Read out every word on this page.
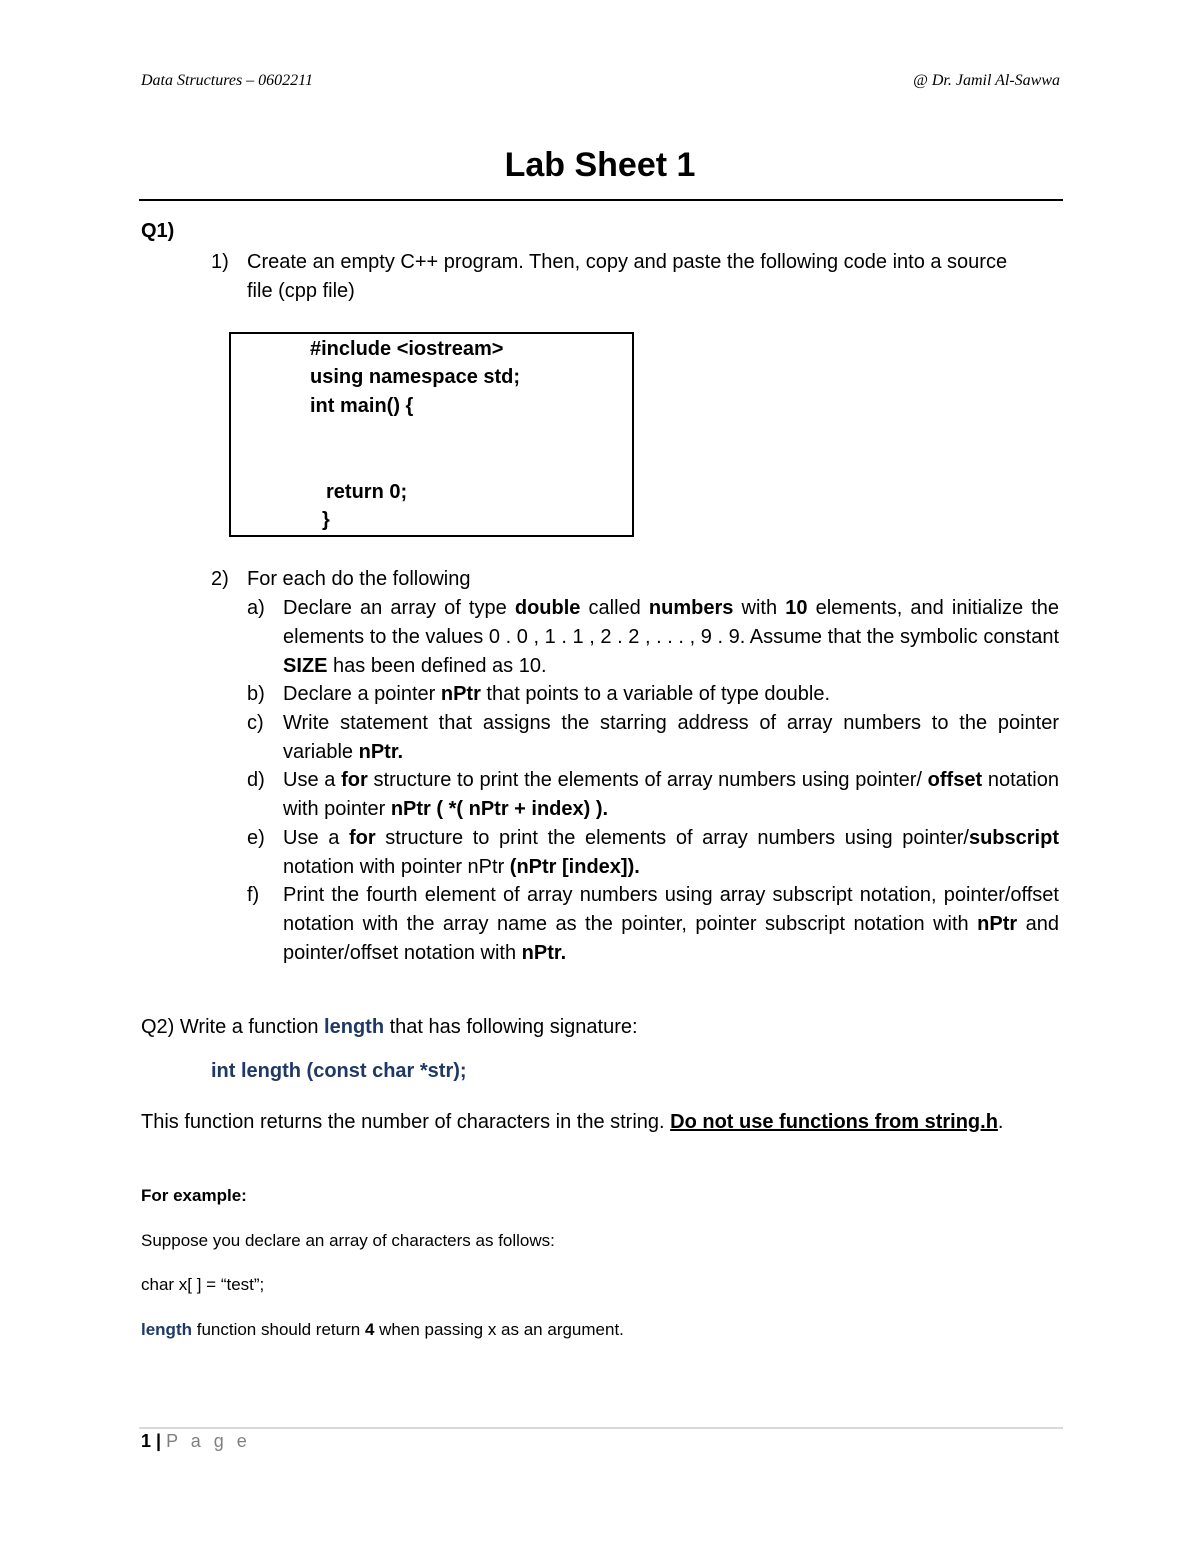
Data Structures – 0602211	@ Dr. Jamil Al-Sawwa
Lab Sheet 1
Q1)
1) Create an empty C++ program. Then, copy and paste the following code into a source file (cpp file)
#include <iostream>
using namespace std;
int main() {
return 0;
}
2) For each do the following
a) Declare an array of type double called numbers with 10 elements, and initialize the elements to the values 0 . 0 , 1 . 1 , 2 . 2 , . . . , 9 . 9. Assume that the symbolic constant SIZE has been defined as 10.
b) Declare a pointer nPtr that points to a variable of type double.
c) Write statement that assigns the starring address of array numbers to the pointer variable nPtr.
d) Use a for structure to print the elements of array numbers using pointer/ offset notation with pointer nPtr ( *( nPtr + index) ).
e) Use a for structure to print the elements of array numbers using pointer/subscript notation with pointer nPtr (nPtr [index]).
f) Print the fourth element of array numbers using array subscript notation, pointer/offset notation with the array name as the pointer, pointer subscript notation with nPtr and pointer/offset notation with nPtr.
Q2) Write a function length that has following signature:
int length (const char *str);
This function returns the number of characters in the string. Do not use functions from string.h.
For example:
Suppose you declare an array of characters as follows:
char x[ ] = “test”;
length function should return 4 when passing x as an argument.
1 | P a g e
